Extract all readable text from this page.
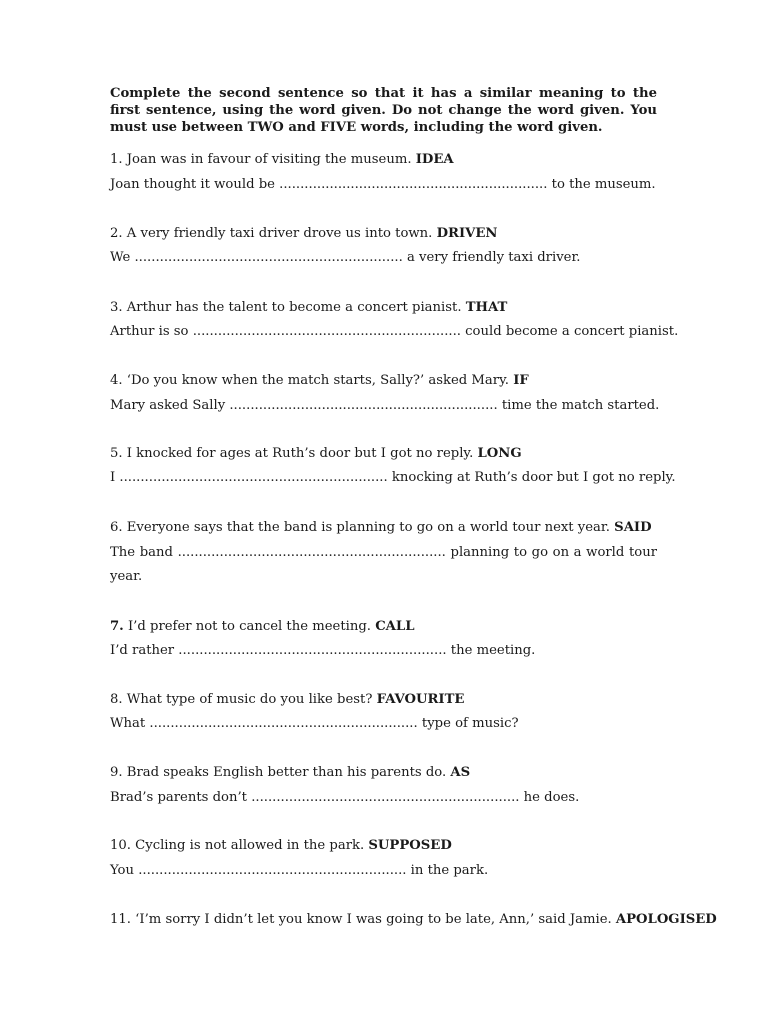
Complete the second sentence so that it has a similar meaning to the first sentence, using the word given. Do not change the word given. You must use between TWO and FIVE words, including the word given.

1. Joan was in favour of visiting the museum. IDEA

Joan thought it would be ................................................................ to the museum.

2. A very friendly taxi driver drove us into town. DRIVEN

We ................................................................ a very friendly taxi driver.

3. Arthur has the talent to become a concert pianist. THAT

Arthur is so ................................................................ could become a concert pianist.

4. ‘Do you know when the match starts, Sally?’ asked Mary. IF

Mary asked Sally ................................................................ time the match started.

5. I knocked for ages at Ruth’s door but I got no reply. LONG

I ................................................................ knocking at Ruth’s door but I got no reply.

6. Everyone says that the band is planning to go on a world tour next year. SAID

The band ................................................................ planning to go on a world tour

year.

7. I’d prefer not to cancel the meeting. CALL

I’d rather ................................................................ the meeting.

8. What type of music do you like best? FAVOURITE

What ................................................................ type of music?

9. Brad speaks English better than his parents do. AS

Brad’s parents don’t ................................................................ he does.

10. Cycling is not allowed in the park. SUPPOSED

You ................................................................ in the park.

11. ‘I’m sorry I didn’t let you know I was going to be late, Ann,’ said Jamie. APOLOGISED
